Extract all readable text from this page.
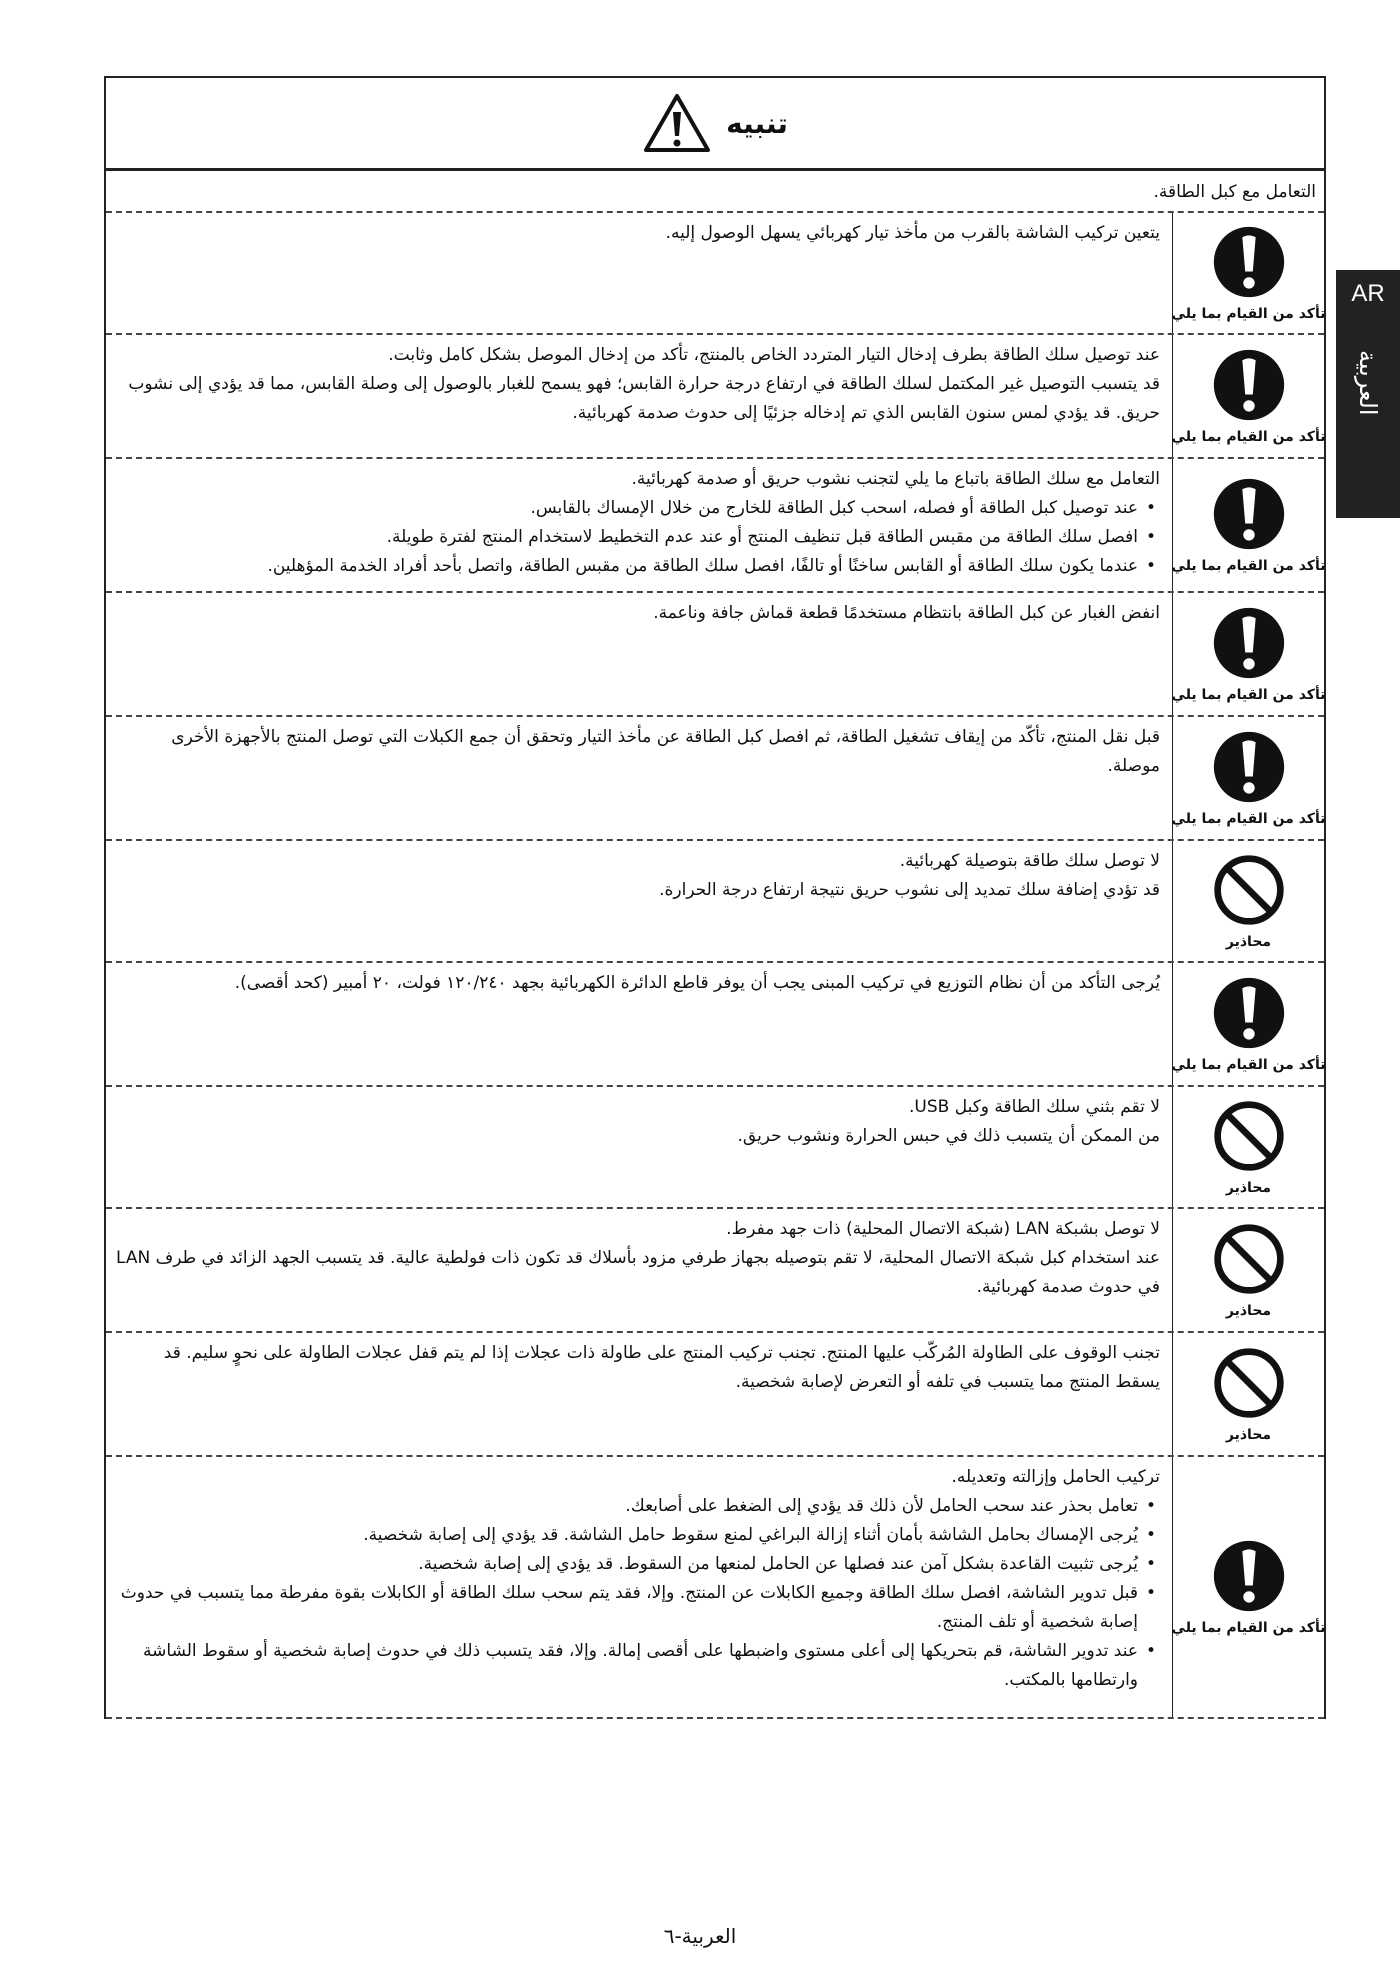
تنبيه
التعامل مع كبل الطاقة.
تأكد من القيام بما يلي

يتعين تركيب الشاشة بالقرب من مأخذ تيار كهربائي يسهل الوصول إليه.

تأكد من القيام بما يلي

عند توصيل سلك الطاقة بطرف إدخال التيار المتردد الخاص بالمنتج، تأكد من إدخال الموصل بشكل كامل وثابت.

قد يتسبب التوصيل غير المكتمل لسلك الطاقة في ارتفاع درجة حرارة القابس؛ فهو يسمح للغبار بالوصول إلى وصلة القابس، مما قد يؤدي إلى نشوب حريق. قد يؤدي لمس سنون القابس الذي تم إدخاله جزئيًا إلى حدوث صدمة كهربائية.

تأكد من القيام بما يلي

التعامل مع سلك الطاقة باتباع ما يلي لتجنب نشوب حريق أو صدمة كهربائية.

• عند توصيل كبل الطاقة أو فصله، اسحب كبل الطاقة للخارج من خلال الإمساك بالقابس.
• افصل سلك الطاقة من مقبس الطاقة قبل تنظيف المنتج أو عند عدم التخطيط لاستخدام المنتج لفترة طويلة.
• عندما يكون سلك الطاقة أو القابس ساخنًا أو تالفًا، افصل سلك الطاقة من مقبس الطاقة، واتصل بأحد أفراد الخدمة المؤهلين.
تأكد من القيام بما يلي

انفض الغبار عن كبل الطاقة بانتظام مستخدمًا قطعة قماش جافة وناعمة.

تأكد من القيام بما يلي

قبل نقل المنتج، تأكّد من إيقاف تشغيل الطاقة، ثم افصل كبل الطاقة عن مأخذ التيار وتحقق أن جمع الكبلات التي توصل المنتج بالأجهزة الأخرى موصلة.

محاذير

لا توصل سلك طاقة بتوصيلة كهربائية.

قد تؤدي إضافة سلك تمديد إلى نشوب حريق نتيجة ارتفاع درجة الحرارة.

تأكد من القيام بما يلي

يُرجى التأكد من أن نظام التوزيع في تركيب المبنى يجب أن يوفر قاطع الدائرة الكهربائية بجهد ١٢٠/٢٤٠ فولت، ٢٠ أمبير (كحد أقصى).

محاذير

لا تقم بثني سلك الطاقة وكبل USB.

من الممكن أن يتسبب ذلك في حبس الحرارة ونشوب حريق.

محاذير

لا توصل بشبكة LAN (شبكة الاتصال المحلية) ذات جهد مفرط.

عند استخدام كبل شبكة الاتصال المحلية، لا تقم بتوصيله بجهاز طرفي مزود بأسلاك قد تكون ذات فولطية عالية. قد يتسبب الجهد الزائد في طرف LAN في حدوث صدمة كهربائية.

محاذير

تجنب الوقوف على الطاولة المُركّب عليها المنتج. تجنب تركيب المنتج على طاولة ذات عجلات إذا لم يتم قفل عجلات الطاولة على نحوٍ سليم. قد يسقط المنتج مما يتسبب في تلفه أو التعرض لإصابة شخصية.

تأكد من القيام بما يلي

تركيب الحامل وإزالته وتعديله.

• تعامل بحذر عند سحب الحامل لأن ذلك قد يؤدي إلى الضغط على أصابعك.
• يُرجى الإمساك بحامل الشاشة بأمان أثناء إزالة البراغي لمنع سقوط حامل الشاشة. قد يؤدي إلى إصابة شخصية.
• يُرجى تثبيت القاعدة بشكل آمن عند فصلها عن الحامل لمنعها من السقوط. قد يؤدي إلى إصابة شخصية.
• قبل تدوير الشاشة، افصل سلك الطاقة وجميع الكابلات عن المنتج. وإلا، فقد يتم سحب سلك الطاقة أو الكابلات بقوة مفرطة مما يتسبب في حدوث إصابة شخصية أو تلف المنتج.
• عند تدوير الشاشة، قم بتحريكها إلى أعلى مستوى واضبطها على أقصى إمالة. وإلا، فقد يتسبب ذلك في حدوث إصابة شخصية أو سقوط الشاشة وارتطامها بالمكتب.
AR
العربية
العربية-٦
